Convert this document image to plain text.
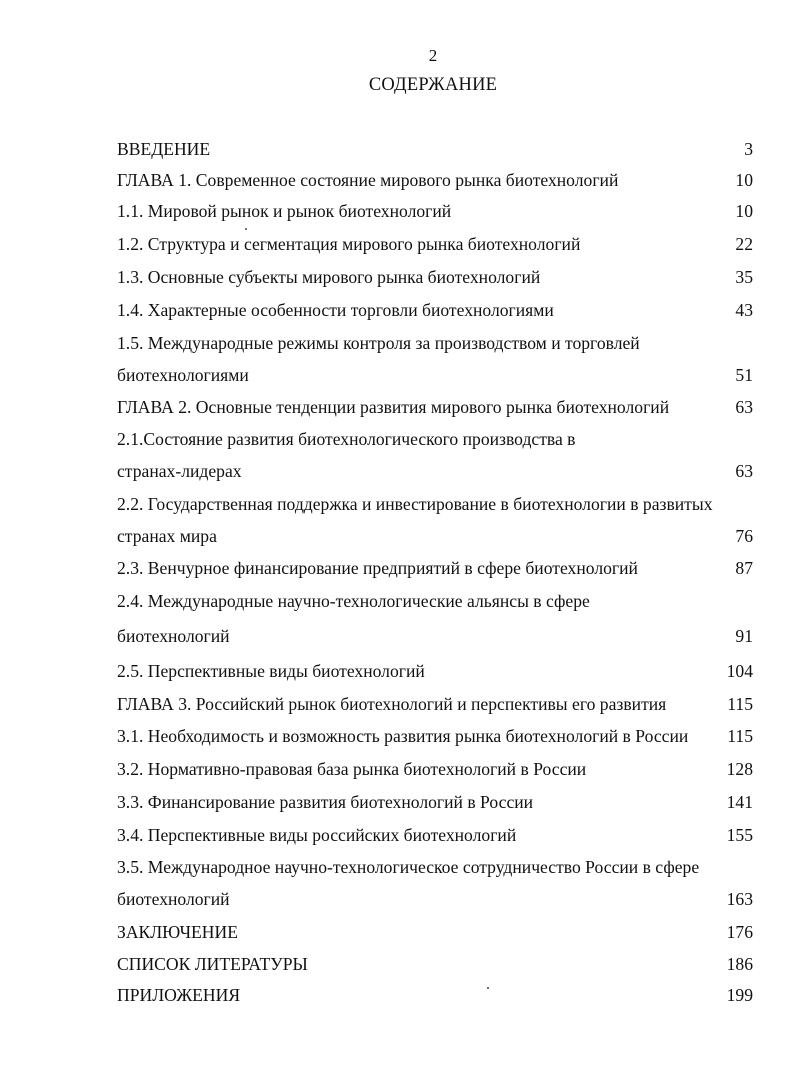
2
СОДЕРЖАНИЕ
ВВЕДЕНИЕ	3
ГЛАВА 1. Современное состояние мирового рынка биотехнологий	10
1.1. Мировой рынок и рынок биотехнологий	10
1.2. Структура и сегментация мирового рынка биотехнологий	22
1.3. Основные субъекты мирового рынка биотехнологий	35
1.4. Характерные особенности торговли биотехнологиями	43
1.5. Международные режимы контроля за производством и торговлей
биотехнологиями	51
ГЛАВА 2. Основные тенденции развития мирового рынка биотехнологий	63
2.1.Состояние развития биотехнологического производства в
странах-лидерах	63
2.2. Государственная поддержка и инвестирование в биотехнологии в развитых
странах мира	76
2.3. Венчурное финансирование предприятий в сфере биотехнологий	87
2.4. Международные научно-технологические альянсы в сфере
биотехнологий	91
2.5. Перспективные виды биотехнологий	104
ГЛАВА 3. Российский рынок биотехнологий и перспективы его развития	115
3.1. Необходимость и возможность развития рынка биотехнологий в России 115
3.2. Нормативно-правовая база рынка биотехнологий в России	128
3.3. Финансирование развития биотехнологий в России	141
3.4. Перспективные виды российских биотехнологий	155
3.5. Международное научно-технологическое сотрудничество России в сфере
биотехнологий	163
ЗАКЛЮЧЕНИЕ	176
СПИСОК ЛИТЕРАТУРЫ	186
ПРИЛОЖЕНИЯ	199
